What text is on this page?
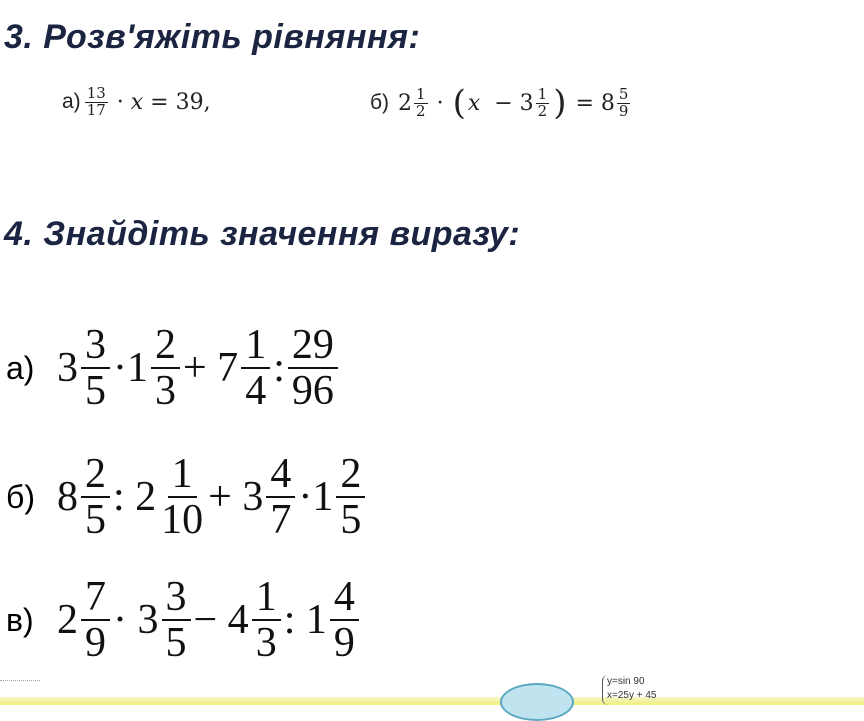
3. Розв'яжіть рівняння:
$а) \frac{13}{17} \cdot x = 39$,	б) $2 \frac{1}{2}$ · ( $x - 3 \frac{1}{2}$ ) = $8 \frac{5}{9}$
4. Знайдіть значення виразу:
а) $3 \frac{3}{5} \cdot 1 \frac{2}{3} + 7 \frac{1}{4}$ : $\frac{29}{96}$
б) $8 \frac{2}{5}$ : $2 \frac{1}{10} + 3 \frac{4}{7} \cdot 1 \frac{2}{5}$
в) $2 \frac{7}{9} \cdot 3 \frac{3}{5} - 4 \frac{1}{3}$ : $1 \frac{4}{9}$
y=sin 90
x=25y + 45
